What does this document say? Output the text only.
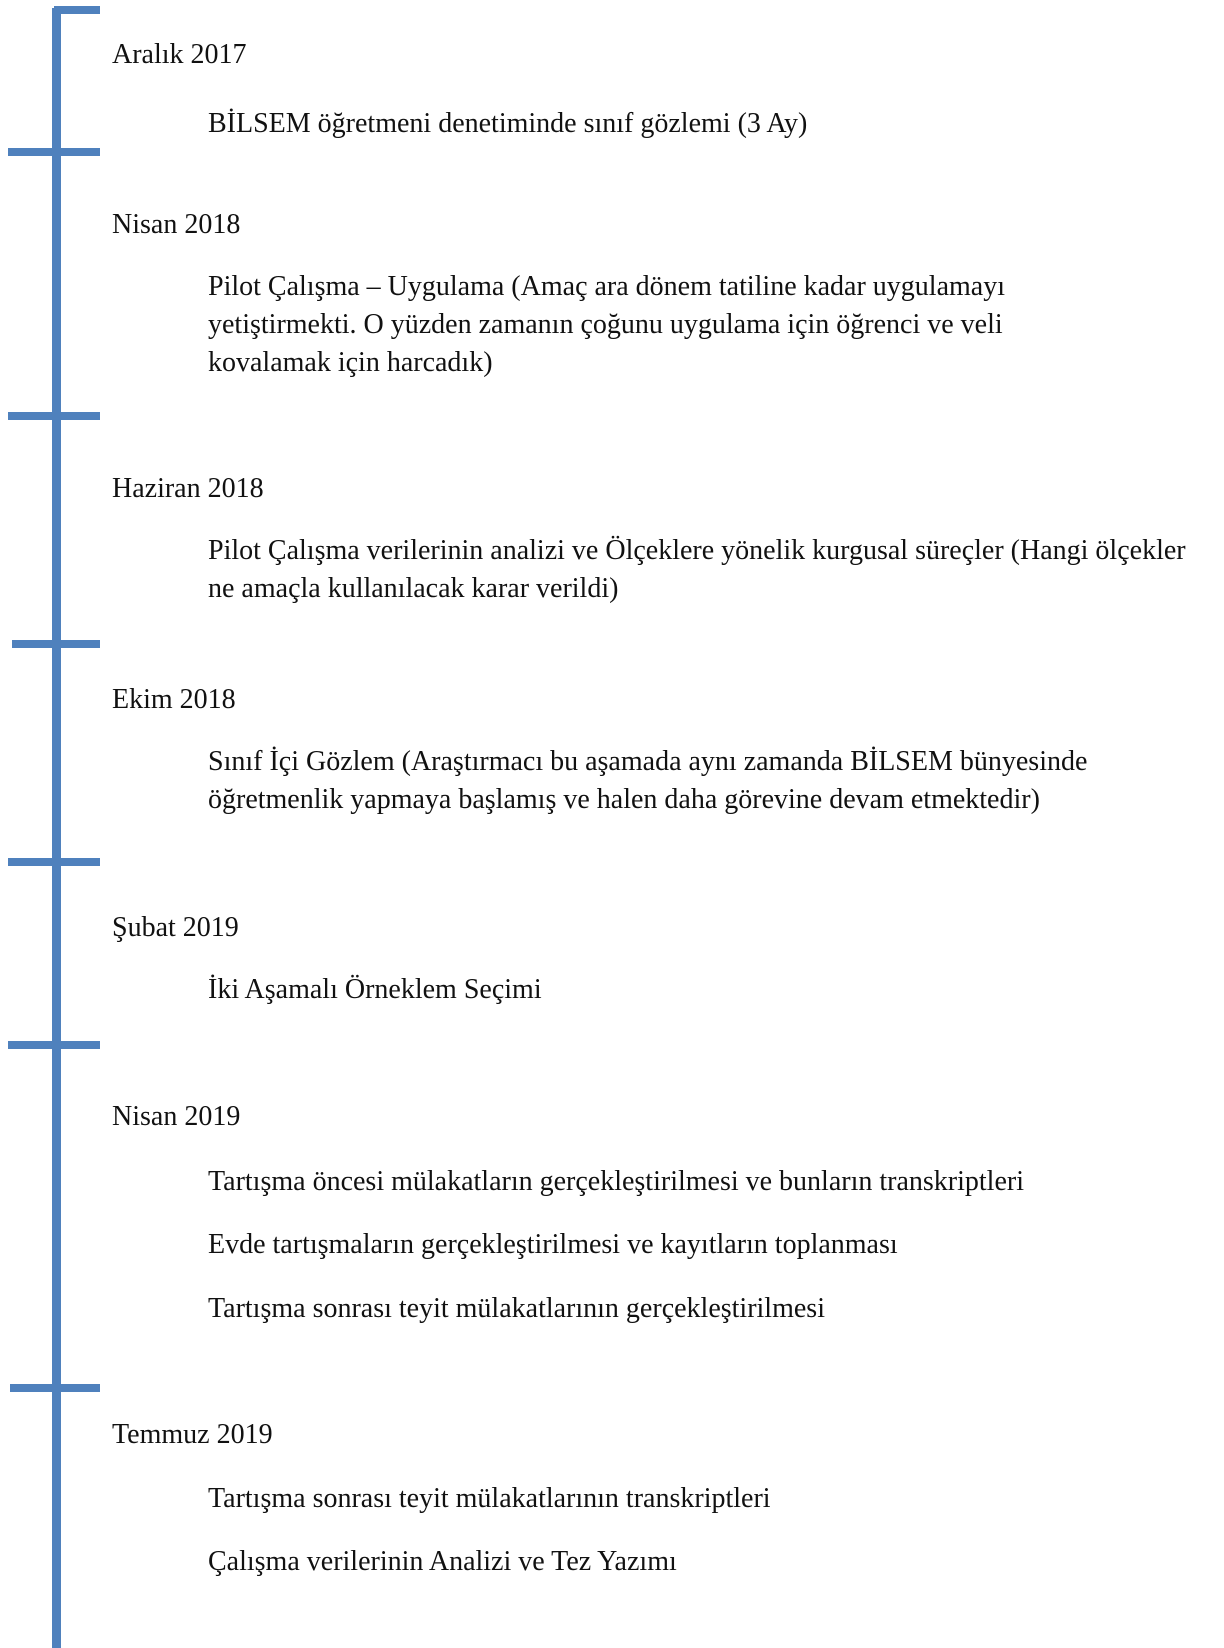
Aralık 2017
BİLSEM öğretmeni denetiminde sınıf gözlemi (3 Ay)
Nisan 2018
Pilot Çalışma – Uygulama (Amaç ara dönem tatiline kadar uygulamayı yetiştirmekti. O yüzden zamanın çoğunu uygulama için öğrenci ve veli kovalamak için harcadık)
Haziran 2018
Pilot Çalışma verilerinin analizi ve Ölçeklere yönelik kurgusal süreçler (Hangi ölçekler ne amaçla kullanılacak karar verildi)
Ekim 2018
Sınıf İçi Gözlem (Araştırmacı bu aşamada aynı zamanda BİLSEM bünyesinde öğretmenlik yapmaya başlamış ve halen daha görevine devam etmektedir)
Şubat 2019
İki Aşamalı Örneklem Seçimi
Nisan 2019
Tartışma öncesi mülakatların gerçekleştirilmesi ve bunların transkriptleri
Evde tartışmaların gerçekleştirilmesi ve kayıtların toplanması
Tartışma sonrası teyit mülakatlarının gerçekleştirilmesi
Temmuz 2019
Tartışma sonrası teyit mülakatlarının transkriptleri
Çalışma verilerinin Analizi ve Tez Yazımı
